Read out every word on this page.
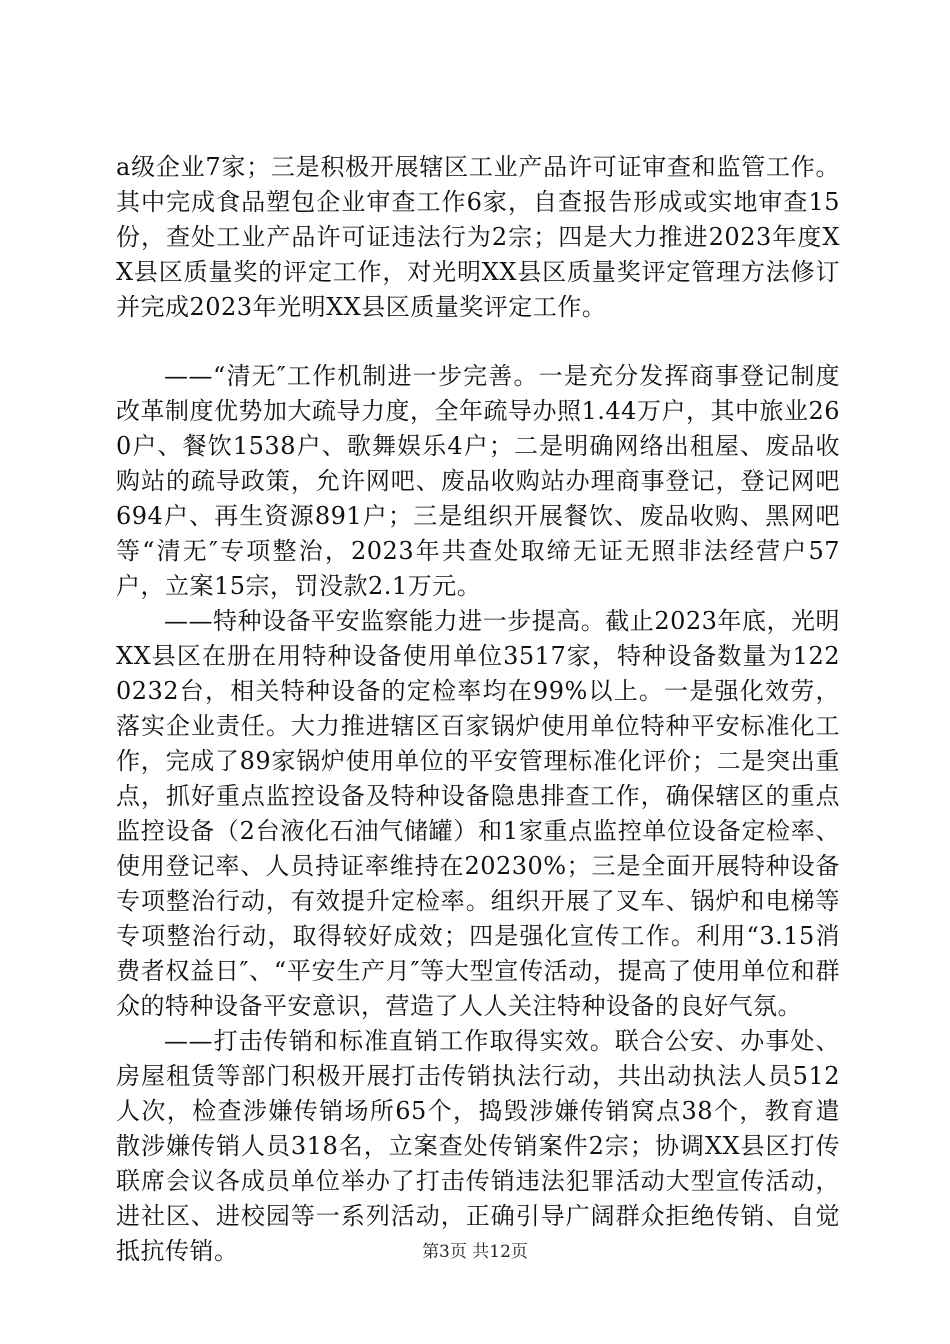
a级企业7家；三是积极开展辖区工业产品许可证审查和监管工作。其中完成食品塑包企业审查工作6家，自查报告形成或实地审查15份，查处工业产品许可证违法行为2宗；四是大力推进2023年度XX县区质量奖的评定工作，对光明XX县区质量奖评定管理方法修订并完成2023年光明XX县区质量奖评定工作。

——“清无″工作机制进一步完善。一是充分发挥商事登记制度改革制度优势加大疏导力度，全年疏导办照1.44万户，其中旅业260户、餐饮1538户、歌舞娱乐4户；二是明确网络出租屋、废品收购站的疏导政策，允许网吧、废品收购站办理商事登记，登记网吧694户、再生资源891户；三是组织开展餐饮、废品收购、黑网吧等“清无″专项整治，2023年共查处取缔无证无照非法经营户57户，立案15宗，罚没款2.1万元。

——特种设备平安监察能力进一步提高。截止2023年底，光明XX县区在册在用特种设备使用单位3517家，特种设备数量为1220232台，相关特种设备的定检率均在99%以上。一是强化效劳，落实企业责任。大力推进辖区百家锅炉使用单位特种平安标准化工作，完成了89家锅炉使用单位的平安管理标准化评价；二是突出重点，抓好重点监控设备及特种设备隐患排查工作，确保辖区的重点监控设备（2台液化石油气储罐）和1家重点监控单位设备定检率、使用登记率、人员持证率维持在20230%；三是全面开展特种设备专项整治行动，有效提升定检率。组织开展了叉车、锅炉和电梯等专项整治行动，取得较好成效；四是强化宣传工作。利用“3.15消费者权益日″、“平安生产月″等大型宣传活动，提高了使用单位和群众的特种设备平安意识，营造了人人关注特种设备的良好气氛。

——打击传销和标准直销工作取得实效。联合公安、办事处、房屋租赁等部门积极开展打击传销执法行动，共出动执法人员512人次，检查涉嫌传销场所65个，捣毁涉嫌传销窝点38个，教育遣散涉嫌传销人员318名，立案查处传销案件2宗；协调XX县区打传联席会议各成员单位举办了打击传销违法犯罪活动大型宣传活动，进社区、进校园等一系列活动，正确引导广阔群众拒绝传销、自觉抵抗传销。	第3页 共12页
